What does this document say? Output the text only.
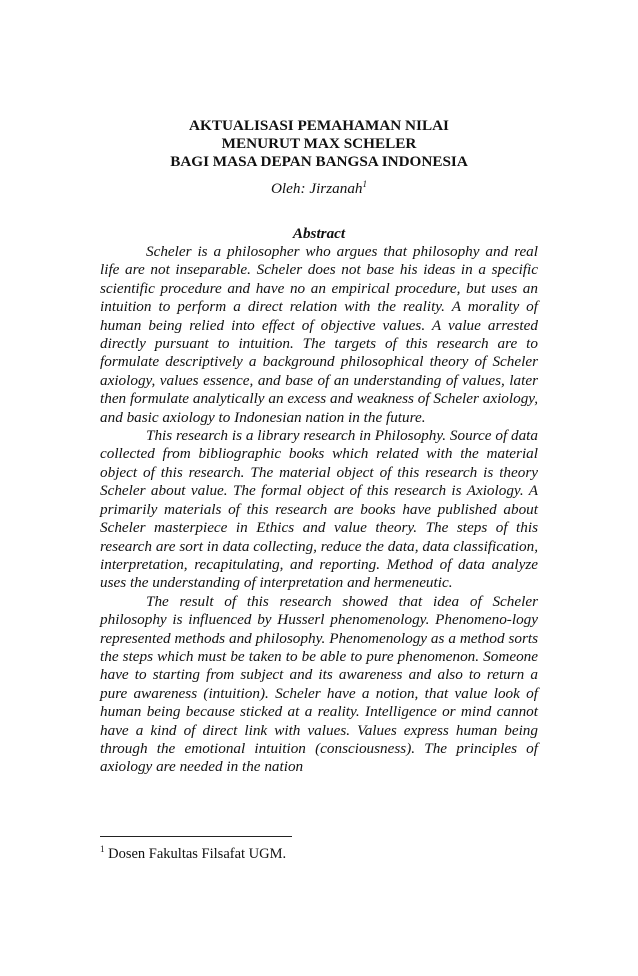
AKTUALISASI PEMAHAMAN NILAI
MENURUT MAX SCHELER
BAGI MASA DEPAN BANGSA INDONESIA
Oleh: Jirzanah$^1$
Abstract

Scheler is a philosopher who argues that philosophy and real life are not inseparable. Scheler does not base his ideas in a specific scientific procedure and have no an empirical procedure, but uses an intuition to perform a direct relation with the reality. A morality of human being relied into effect of objective values. A value arrested directly pursuant to intuition. The targets of this research are to formulate descriptively a background philosophical theory of Scheler axiology, values essence, and base of an understanding of values, later then formulate analytically an excess and weakness of Scheler axiology, and basic axiology to Indonesian nation in the future.

This research is a library research in Philosophy. Source of data collected from bibliographic books which related with the material object of this research. The material object of this research is theory Scheler about value. The formal object of this research is Axiology. A primarily materials of this research are books have published about Scheler masterpiece in Ethics and value theory. The steps of this research are sort in data collecting, reduce the data, data classification, interpretation, recapitulating, and reporting. Method of data analyze uses the understanding of interpretation and hermeneutic.

The result of this research showed that idea of Scheler philosophy is influenced by Husserl phenomenology. Phenomeno-logy represented methods and philosophy. Phenomenology as a method sorts the steps which must be taken to be able to pure phenomenon. Someone have to starting from subject and its awareness and also to return a pure awareness (intuition). Scheler have a notion, that value look of human being because sticked at a reality. Intelligence or mind cannot have a kind of direct link with values. Values express human being through the emotional intuition (consciousness). The principles of axiology are needed in the nation

$^1$ Dosen Fakultas Filsafat UGM.
